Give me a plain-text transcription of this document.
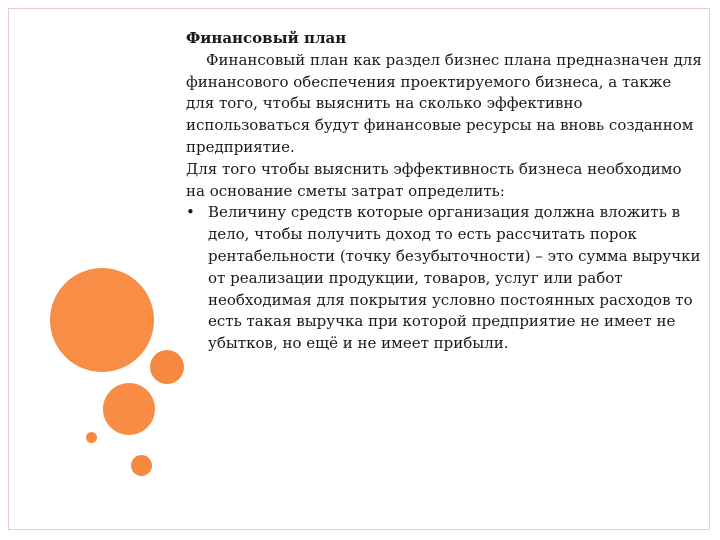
Финансовый план

Финансовый план как раздел бизнес плана предназначен для финансового обеспечения проектируемого бизнеса, а также для того, чтобы выяснить на сколько эффективно использоваться будут финансовые ресурсы на вновь созданном предприятие.

Для того чтобы выяснить эффективность бизнеса необходимо на основание сметы затрат определить:

• Величину средств которые организация должна вложить в дело, чтобы получить доход то есть рассчитать порок рентабельности (точку безубыточности) – это сумма выручки от реализации продукции, товаров, услуг или работ необходимая для покрытия условно постоянных расходов то есть такая выручка при которой предприятие не имеет не убытков, но ещё и не имеет прибыли.
